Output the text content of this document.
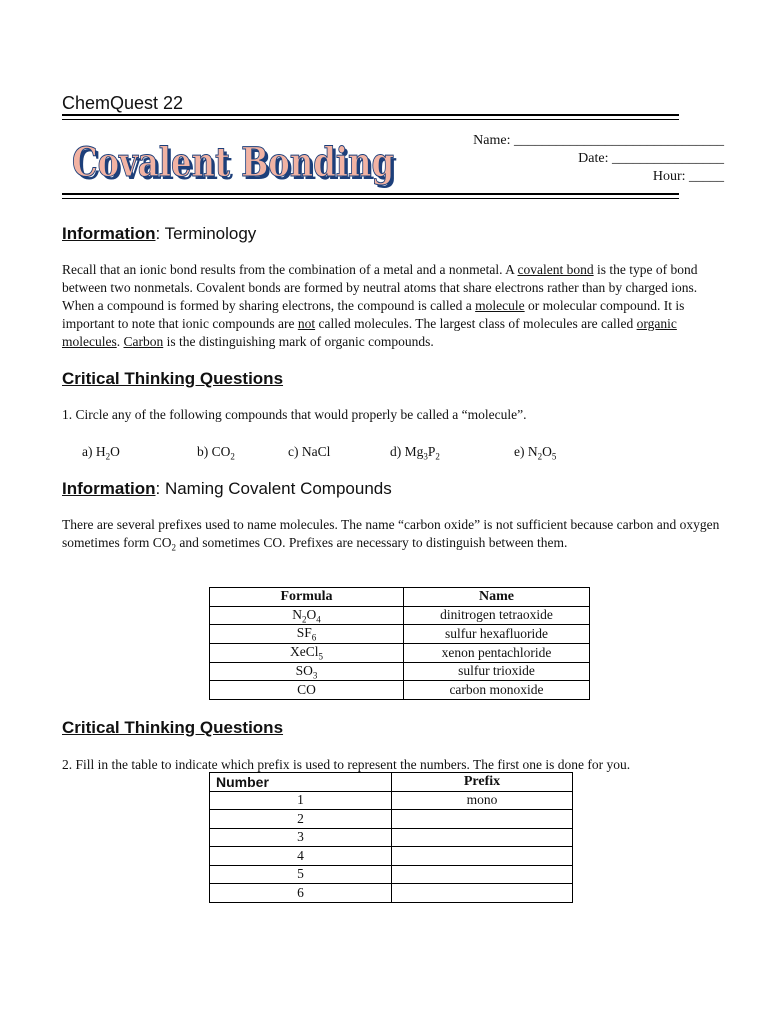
ChemQuest 22
Covalent Bonding
Covalent Bonding	Name: ______________________________
Date: ________________
Hour: _____
Information: Terminology
Recall that an ionic bond results from the combination of a metal and a nonmetal. A covalent bond is the type of bond between two nonmetals. Covalent bonds are formed by neutral atoms that share electrons rather than by charged ions. When a compound is formed by sharing electrons, the compound is called a molecule or molecular compound. It is important to note that ionic compounds are not called molecules. The largest class of molecules are called organic molecules. Carbon is the distinguishing mark of organic compounds.
Critical Thinking Questions
1. Circle any of the following compounds that would properly be called a “molecule”.
a) $H_2O$	b) $CO_2$	c) NaCl	d) $Mg_3P_2$	e) $N_2O_5$
Information: Naming Covalent Compounds
There are several prefixes used to name molecules. The name “carbon oxide” is not sufficient because carbon and oxygen sometimes form $CO_2$ and sometimes CO. Prefixes are necessary to distinguish between them.
Formula	Name
$N_2O_4$	dinitrogen tetraoxide
$SF_6$	sulfur hexafluoride
XeCl$_5$	xenon pentachloride
$SO_3$	sulfur trioxide
CO	carbon monoxide
Critical Thinking Questions
2. Fill in the table to indicate which prefix is used to represent the numbers. The first one is done for you.
Number	Prefix
1	mono
2	
3	
4	
5	
6	
